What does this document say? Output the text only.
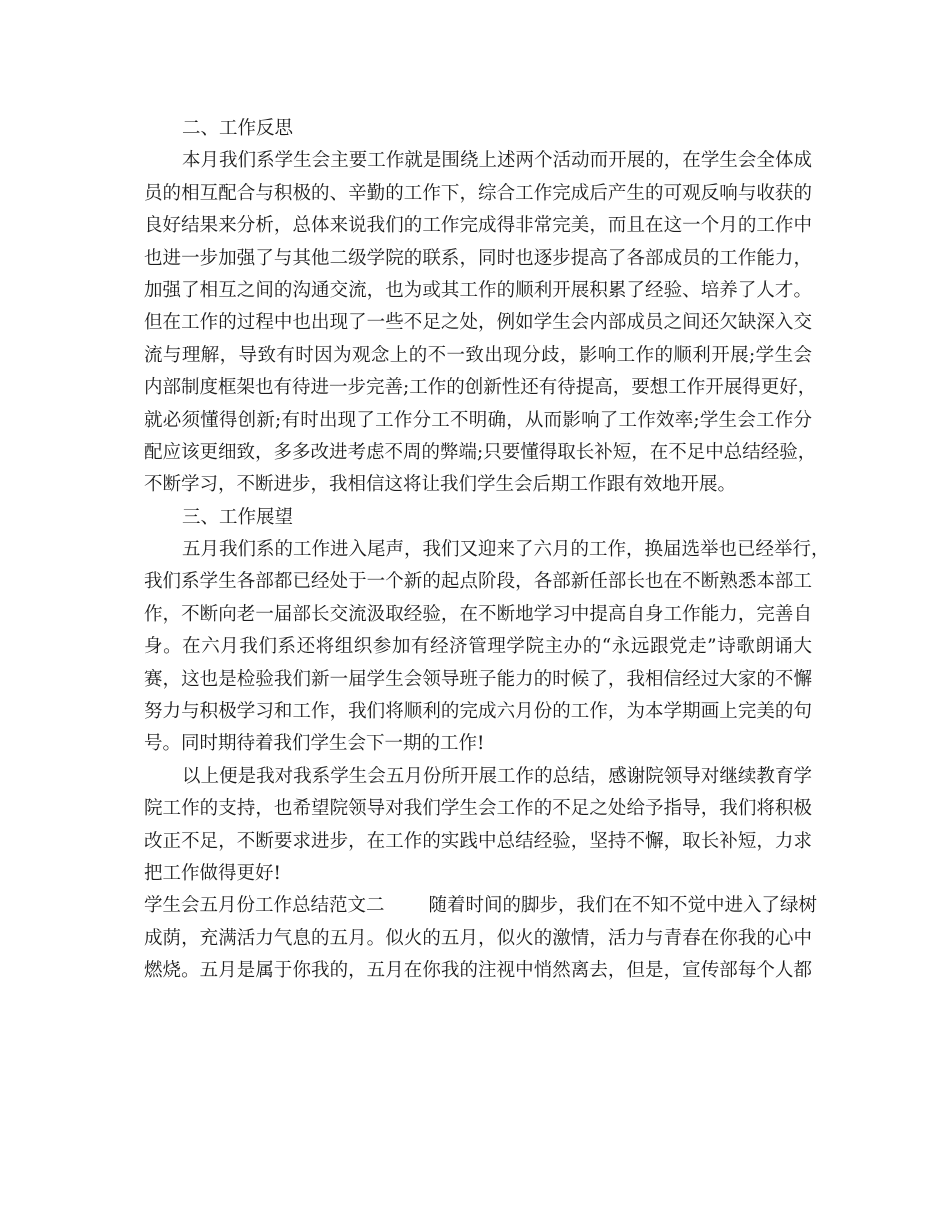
二、工作反思
本月我们系学生会主要工作就是围绕上述两个活动而开展的，在学生会全体成
员的相互配合与积极的、辛勤的工作下，综合工作完成后产生的可观反响与收获的
良好结果来分析，总体来说我们的工作完成得非常完美，而且在这一个月的工作中
也进一步加强了与其他二级学院的联系，同时也逐步提高了各部成员的工作能力，
加强了相互之间的沟通交流，也为或其工作的顺利开展积累了经验、培养了人才。
但在工作的过程中也出现了一些不足之处，例如学生会内部成员之间还欠缺深入交
流与理解，导致有时因为观念上的不一致出现分歧，影响工作的顺利开展;学生会
内部制度框架也有待进一步完善;工作的创新性还有待提高，要想工作开展得更好，
就必须懂得创新;有时出现了工作分工不明确，从而影响了工作效率;学生会工作分
配应该更细致，多多改进考虑不周的弊端;只要懂得取长补短，在不足中总结经验，
不断学习，不断进步，我相信这将让我们学生会后期工作跟有效地开展。
三、工作展望
五月我们系的工作进入尾声，我们又迎来了六月的工作，换届选举也已经举行，
我们系学生各部都已经处于一个新的起点阶段，各部新任部长也在不断熟悉本部工
作，不断向老一届部长交流汲取经验，在不断地学习中提高自身工作能力，完善自
身。在六月我们系还将组织参加有经济管理学院主办的“永远跟党走”诗歌朗诵大
赛，这也是检验我们新一届学生会领导班子能力的时候了，我相信经过大家的不懈
努力与积极学习和工作，我们将顺利的完成六月份的工作，为本学期画上完美的句
号。同时期待着我们学生会下一期的工作!
以上便是我对我系学生会五月份所开展工作的总结，感谢院领导对继续教育学
院工作的支持，也希望院领导对我们学生会工作的不足之处给予指导，我们将积极
改正不足，不断要求进步，在工作的实践中总结经验，坚持不懈，取长补短，力求
把工作做得更好!
学生会五月份工作总结范文二 随着时间的脚步，我们在不知不觉中进入了绿树
成荫，充满活力气息的五月。似火的五月，似火的激情，活力与青春在你我的心中
燃烧。五月是属于你我的，五月在你我的注视中悄然离去，但是，宣传部每个人都
